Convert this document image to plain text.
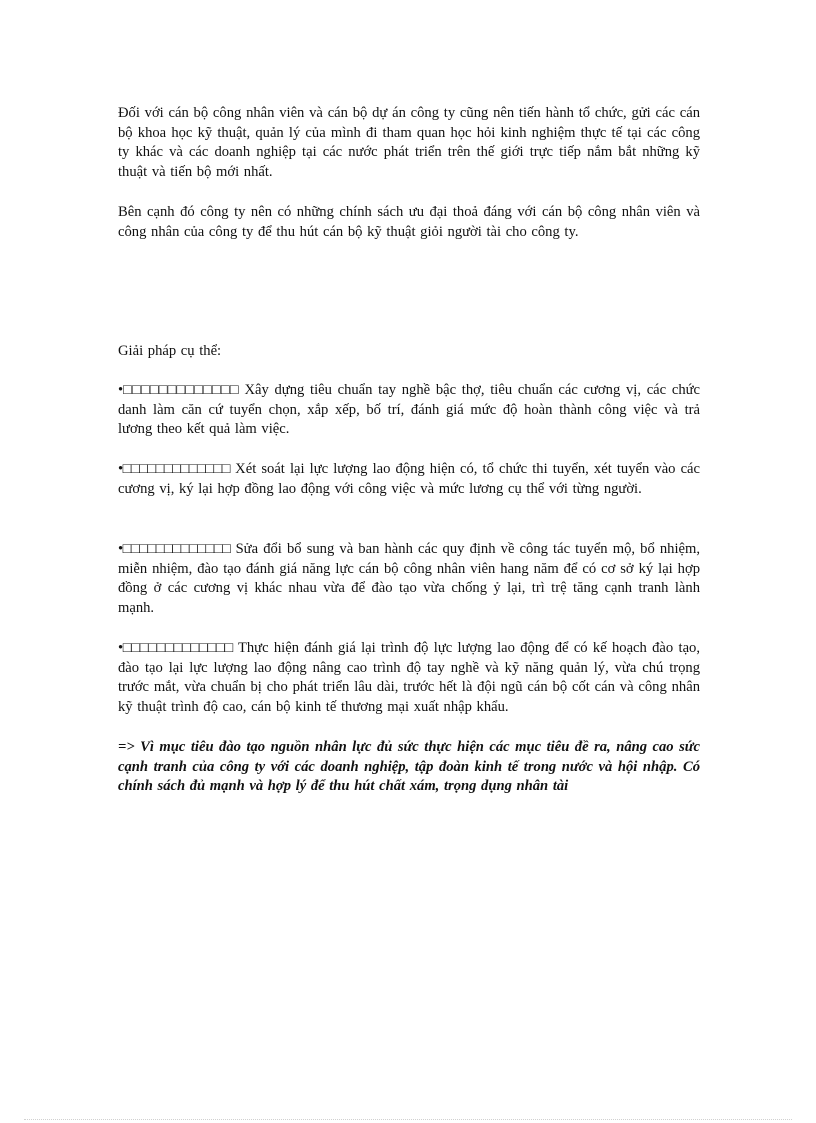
Đối với cán bộ công nhân viên và cán bộ dự án công ty cũng nên tiến hành tổ chức, gửi các cán bộ khoa học kỹ thuật, quản lý của mình đi tham quan học hỏi kinh nghiệm thực tế tại các công ty khác và các doanh nghiệp tại các nước phát triển trên thế giới trực tiếp nắm bắt những kỹ thuật và tiến bộ mới nhất.

Bên cạnh đó công ty nên có những chính sách ưu đại thoả đáng với cán bộ công nhân viên và công nhân của công ty để thu hút cán bộ kỹ thuật giỏi người tài cho công ty.

Giải pháp cụ thể:

•□□□□□□□□□□□□□ Xây dựng tiêu chuẩn tay nghề bậc thợ, tiêu chuẩn các cương vị, các chức danh làm căn cứ tuyển chọn, xắp xếp, bố trí, đánh giá mức độ hoàn thành công việc và trả lương theo kết quả làm việc.

•□□□□□□□□□□□□□ Xét soát lại lực lượng lao động hiện có, tổ chức thi tuyển, xét tuyển vào các cương vị, ký lại hợp đồng lao động với công việc và mức lương cụ thể với từng người.

•□□□□□□□□□□□□□ Sửa đổi bổ sung và ban hành các quy định về công tác tuyển mộ, bổ nhiệm, miễn nhiệm, đào tạo đánh giá năng lực cán bộ công nhân viên hang năm để có cơ sở ký lại hợp đồng ở các cương vị khác nhau vừa để đào tạo vừa chống ỷ lại, trì trệ tăng cạnh tranh lành mạnh.

•□□□□□□□□□□□□□ Thực hiện đánh giá lại trình độ lực lượng lao động để có kế hoạch đào tạo, đào tạo lại lực lượng lao động nâng cao trình độ tay nghề và kỹ năng quản lý, vừa chú trọng trước mắt, vừa chuẩn bị cho phát triển lâu dài, trước hết là đội ngũ cán bộ cốt cán và công nhân kỹ thuật trình độ cao, cán bộ kinh tế thương mại xuất nhập khẩu.

=> Vì mục tiêu đào tạo nguồn nhân lực đủ sức thực hiện các mục tiêu đề ra, nâng cao sức cạnh tranh của công ty với các doanh nghiệp, tập đoàn kinh tế trong nước và hội nhập. Có chính sách đủ mạnh và hợp lý để thu hút chất xám, trọng dụng nhân tài
